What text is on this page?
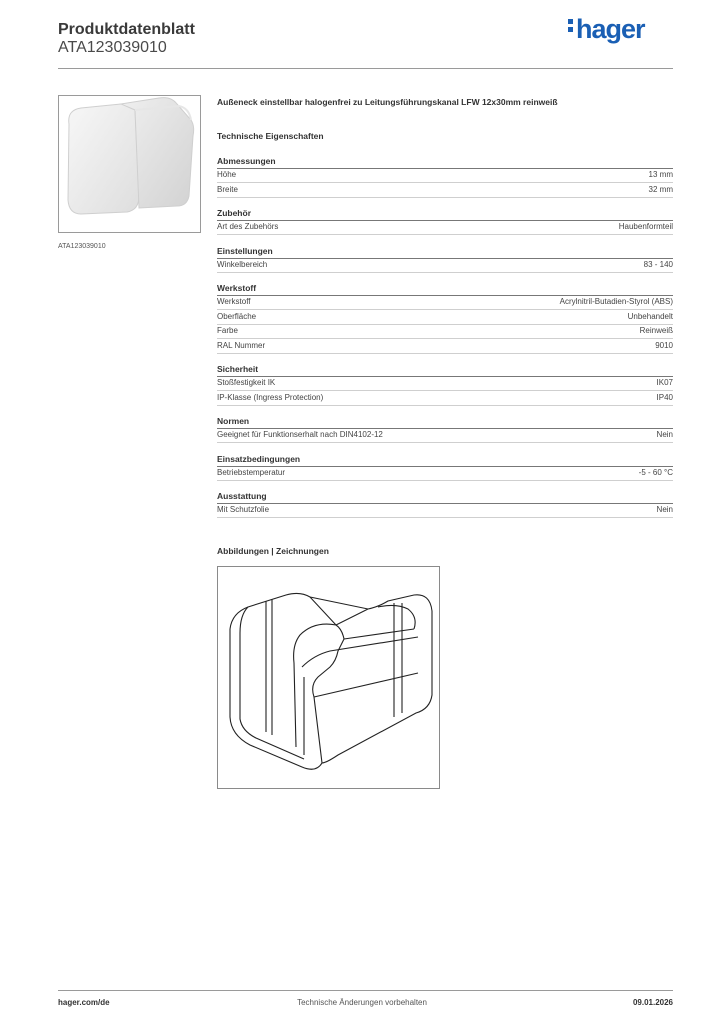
Produktdatenblatt
ATA123039010
hager
ATA123039010
Außeneck einstellbar halogenfrei zu Leitungsführungskanal LFW 12x30mm reinweiß
Technische Eigenschaften
Abmessungen
Höhe	13 mm
Breite	32 mm
Zubehör
Art des Zubehörs	Haubenformteil
Einstellungen
Winkelbereich	83 - 140
Werkstoff
Werkstoff	Acrylnitril-Butadien-Styrol (ABS)
Oberfläche	Unbehandelt
Farbe	Reinweiß
RAL Nummer	9010
Sicherheit
Stoßfestigkeit IK	IK07
IP-Klasse (Ingress Protection)	IP40
Normen
Geeignet für Funktionserhalt nach DIN4102-12	Nein
Einsatzbedingungen
Betriebstemperatur	-5 - 60 °C
Ausstattung
Mit Schutzfolie	Nein
Abbildungen | Zeichnungen
hager.com/de	Technische Änderungen vorbehalten	09.01.2026
